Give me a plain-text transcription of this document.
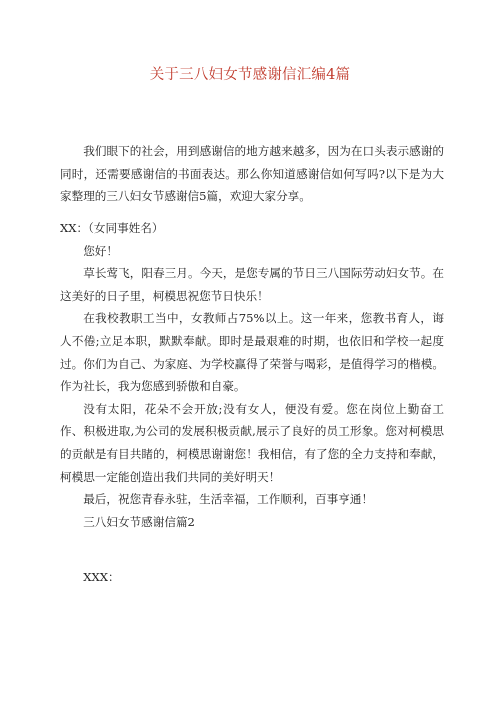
关于三八妇女节感谢信汇编4篇

我们眼下的社会，用到感谢信的地方越来越多，因为在口头表示感谢的同时，还需要感谢信的书面表达。那么你知道感谢信如何写吗?以下是为大家整理的三八妇女节感谢信5篇，欢迎大家分享。

XX：（女同事姓名）

您好！

草长莺飞，阳春三月。今天，是您专属的节日三八国际劳动妇女节。在这美好的日子里，柯模思祝您节日快乐！

在我校教职工当中，女教师占75%以上。这一年来，您教书育人，诲人不倦;立足本职，默默奉献。即时是最艰难的时期，也依旧和学校一起度过。你们为自己、为家庭、为学校赢得了荣誉与喝彩，是值得学习的楷模。作为社长，我为您感到骄傲和自豪。

没有太阳，花朵不会开放;没有女人，便没有爱。您在岗位上勤奋工作、积极进取,为公司的发展积极贡献,展示了良好的员工形象。您对柯模思的贡献是有目共睹的，柯模思谢谢您！我相信，有了您的全力支持和奉献，柯模思一定能创造出我们共同的美好明天！

最后，祝您青春永驻，生活幸福，工作顺利，百事亨通！

三八妇女节感谢信篇2

XXX：
